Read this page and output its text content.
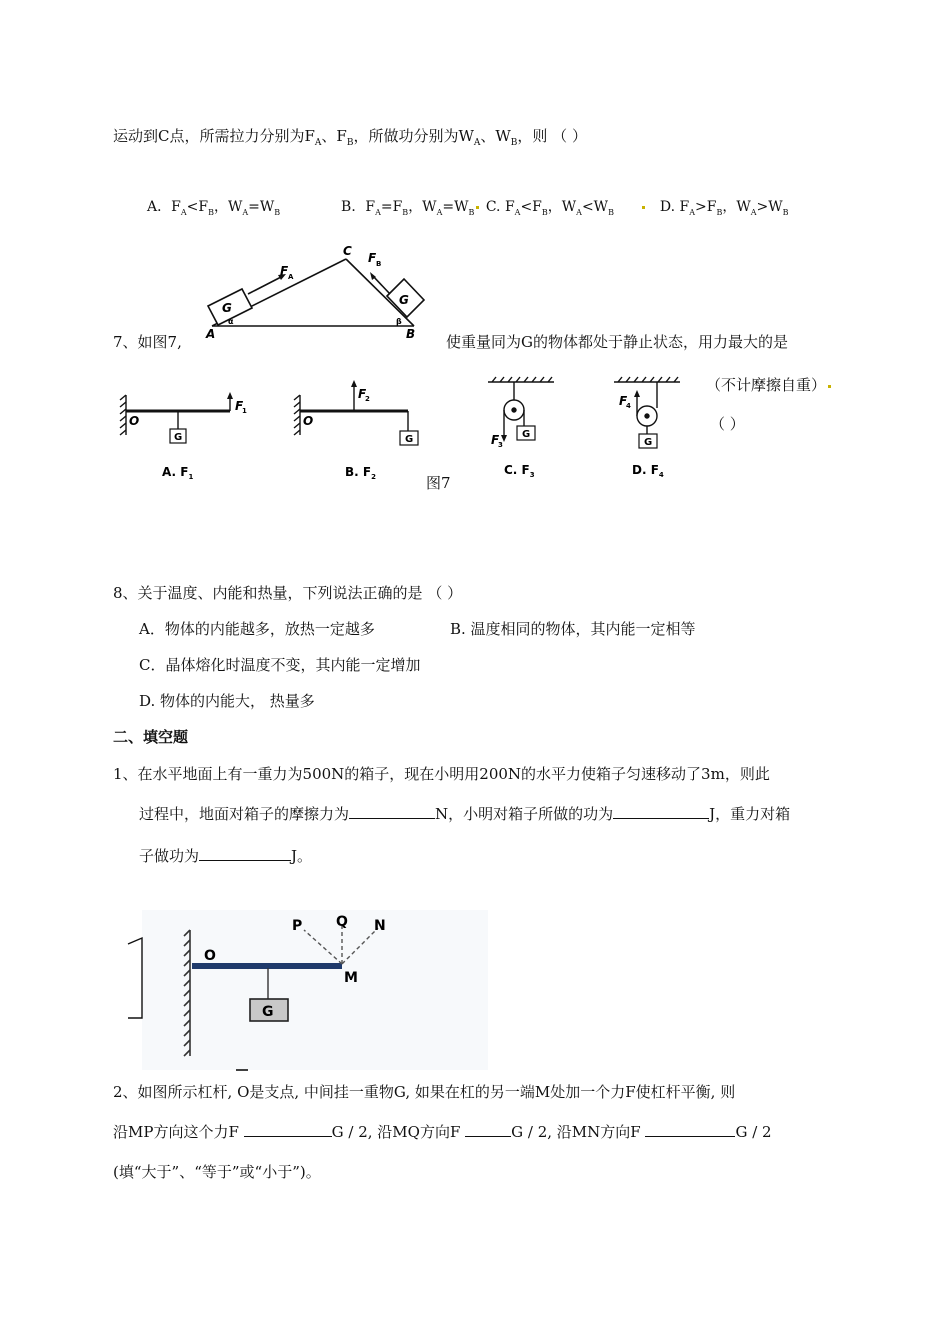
运动到C点，所需拉力分别为$F_A$、$F_B$，所做功分别为$W_A$、$W_B$，则 （ ）
A．$F_A<F_B$，$W_A=W_B$	B．$F_A=F_B$，$W_A=W_B$ C. $F_A<F_B$，$W_A<W_B$	D. $F_A>F_B$，$W_A>W_B$
G
G
C
F A
F B
A	B
α	β
7、如图7,	使重量同为G的物体都处于静止状态，用力最大的是
（不计摩擦自重）
（ ）
G
O
F
1
A. $F_1$
G
O
F
2
B. $F_2$
G
F
3
C. $F_3$
G
F
4
D. $F_4$
图7
8、关于温度、内能和热量，下列说法正确的是 （ ）
A．物体的内能越多，放热一定越多	B. 温度相同的物体，其内能一定相等
C．晶体熔化时温度不变，其内能一定增加
D. 物体的内能大， 热量多
二、填空题
1、在水平地面上有一重力为500N的箱子，现在小明用200N的水平力使箱子匀速移动了3m，则此
过程中，地面对箱子的摩擦力为	N，小明对箱子所做的功为	J，重力对箱
子做功为	J。
G
O
M
P Q N
2、如图所示杠杆, O是支点, 中间挂一重物G, 如果在杠的另一端M处加一个力F使杠杆平衡, 则
沿MP方向这个力F	G / 2, 沿MQ方向F	G / 2, 沿MN方向F	G / 2
(填“大于”、“等于”或“小于”)。
